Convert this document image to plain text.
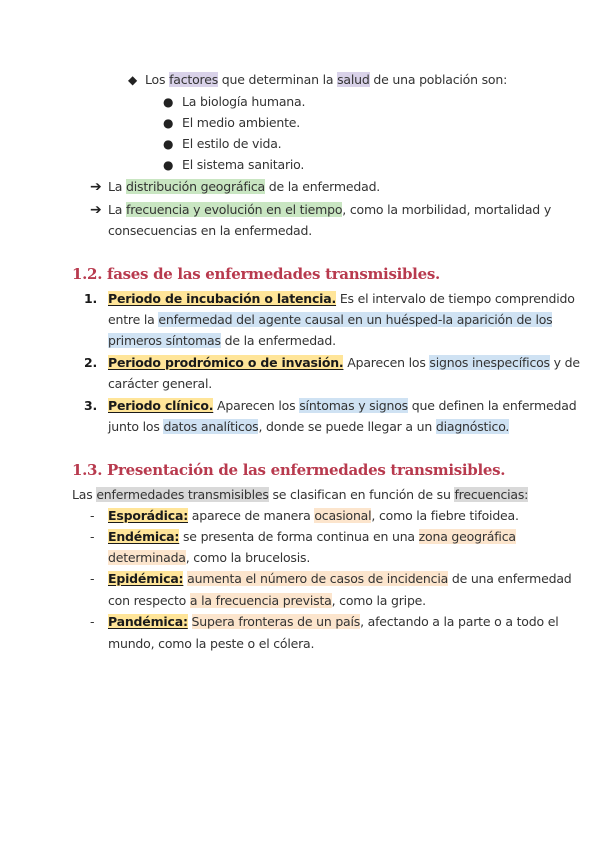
◆ Los factores que determinan la salud de una población son:
● La biología humana.
● El medio ambiente.
● El estilo de vida.
● El sistema sanitario.
➔ La distribución geográfica de la enfermedad.
➔ La frecuencia y evolución en el tiempo, como la morbilidad, mortalidad y
consecuencias en la enfermedad.
1.2. fases de las enfermedades transmisibles.
1. Periodo de incubación o latencia. Es el intervalo de tiempo comprendido
entre la enfermedad del agente causal en un huésped-la aparición de los
primeros síntomas de la enfermedad.
2. Periodo prodrómico o de invasión. Aparecen los signos inespecíficos y de
carácter general.
3. Periodo clínico. Aparecen los síntomas y signos que definen la enfermedad
junto los datos analíticos, donde se puede llegar a un diagnóstico.
1.3. Presentación de las enfermedades transmisibles.
Las enfermedades transmisibles se clasifican en función de su frecuencias:
- Esporádica: aparece de manera ocasional, como la fiebre tifoidea.
- Endémica: se presenta de forma continua en una zona geográfica
determinada, como la brucelosis.
- Epidémica: aumenta el número de casos de incidencia de una enfermedad
con respecto a la frecuencia prevista, como la gripe.
- Pandémica: Supera fronteras de un país, afectando a la parte o a todo el
mundo, como la peste o el cólera.
